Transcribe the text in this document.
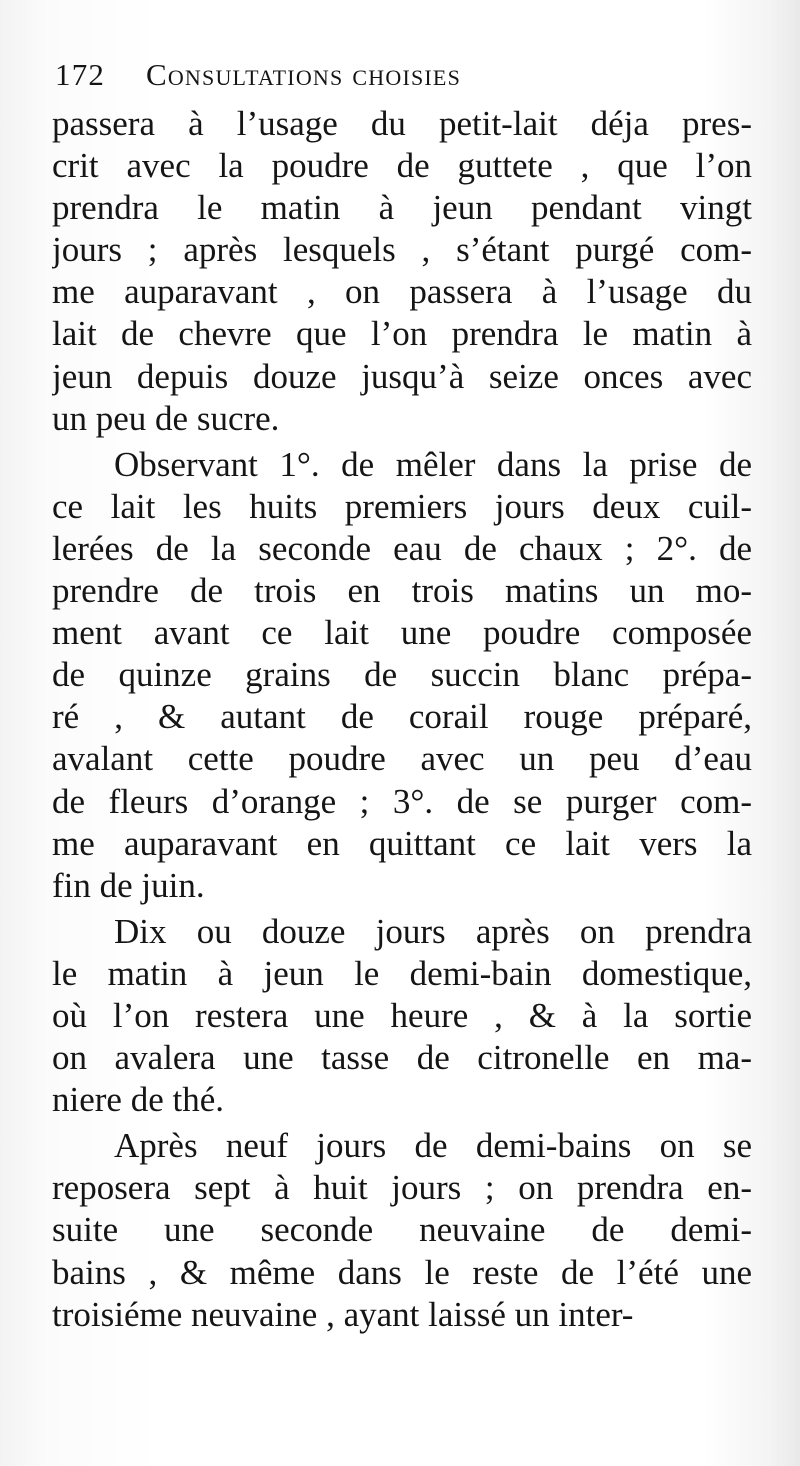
172 Consultations choisies
passera à l’usage du petit-lait déja pres-
crit avec la poudre de guttete , que l’on
prendra le matin à jeun pendant vingt
jours ; après lesquels , s’étant purgé com-
me auparavant , on passera à l’usage du
lait de chevre que l’on prendra le matin à
jeun depuis douze jusqu’à seize onces avec
un peu de sucre.
Observant 1°. de mêler dans la prise de
ce lait les huits premiers jours deux cuil-
lerées de la seconde eau de chaux ; 2°. de
prendre de trois en trois matins un mo-
ment avant ce lait une poudre composée
de quinze grains de succin blanc prépa-
ré , & autant de corail rouge préparé,
avalant cette poudre avec un peu d’eau
de fleurs d’orange ; 3°. de se purger com-
me auparavant en quittant ce lait vers la
fin de juin.
Dix ou douze jours après on prendra
le matin à jeun le demi-bain domestique,
où l’on restera une heure , & à la sortie
on avalera une tasse de citronelle en ma-
niere de thé.
Après neuf jours de demi-bains on se
reposera sept à huit jours ; on prendra en-
suite une seconde neuvaine de demi-
bains , & même dans le reste de l’été une
troisiéme neuvaine , ayant laissé un inter-
